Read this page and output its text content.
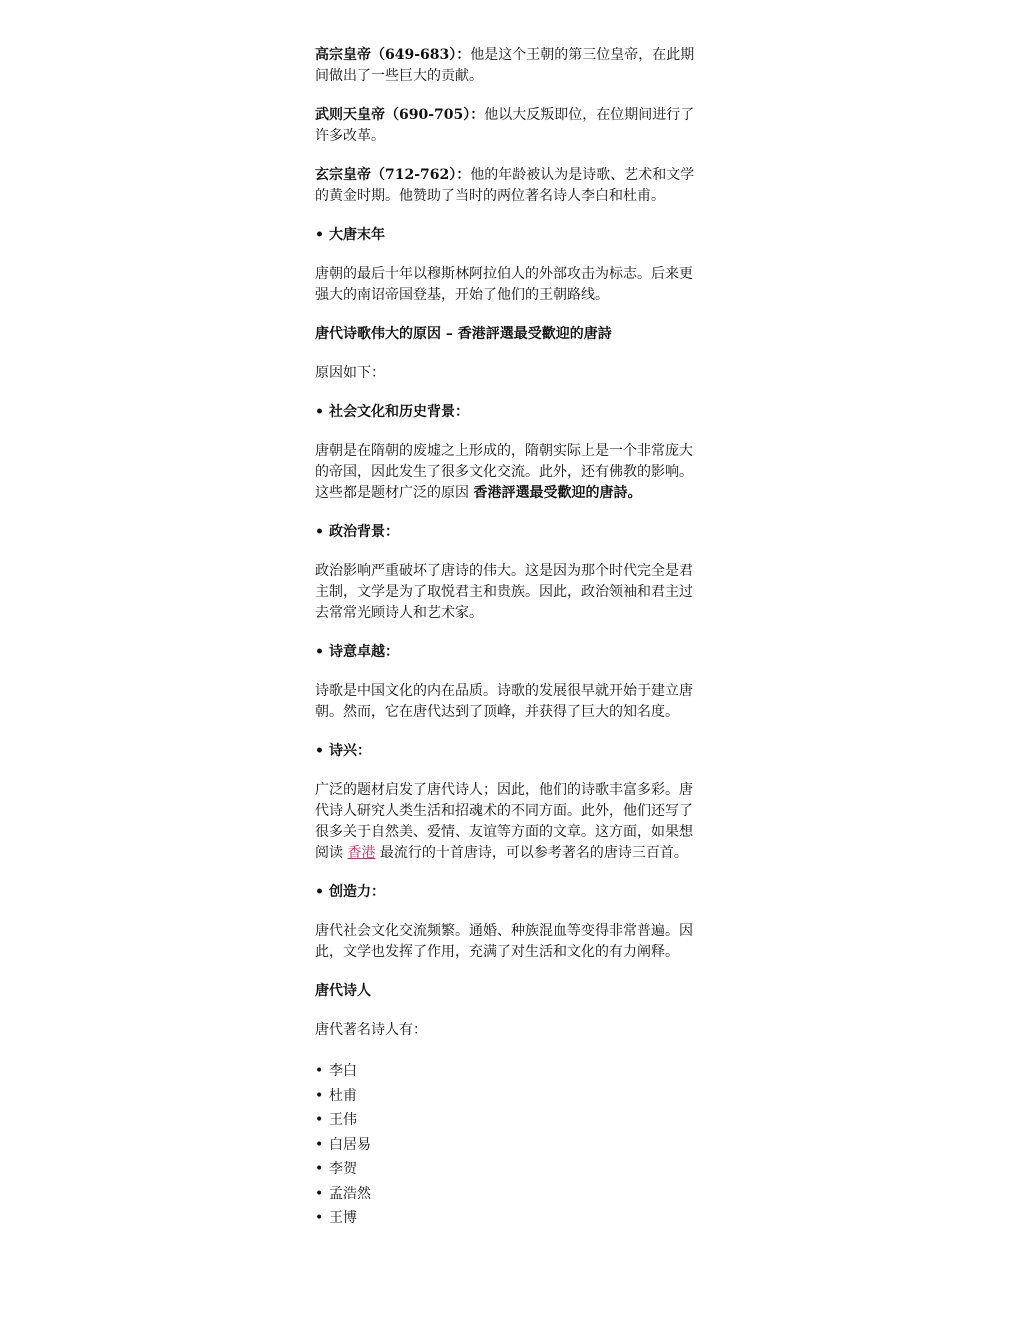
高宗皇帝（649-683）：他是这个王朝的第三位皇帝，在此期间做出了一些巨大的贡献。

武则天皇帝（690-705）：他以大反叛即位，在位期间进行了许多改革。

玄宗皇帝（712-762）：他的年龄被认为是诗歌、艺术和文学的黄金时期。他赞助了当时的两位著名诗人李白和杜甫。

• 大唐末年

唐朝的最后十年以穆斯林阿拉伯人的外部攻击为标志。后来更强大的南诏帝国登基，开始了他们的王朝路线。

唐代诗歌伟大的原因 – 香港評選最受歡迎的唐詩

原因如下：

• 社会文化和历史背景：

唐朝是在隋朝的废墟之上形成的，隋朝实际上是一个非常庞大的帝国，因此发生了很多文化交流。此外，还有佛教的影响。这些都是题材广泛的原因 香港評選最受歡迎的唐詩。

• 政治背景：

政治影响严重破坏了唐诗的伟大。这是因为那个时代完全是君主制，文学是为了取悦君主和贵族。因此，政治领袖和君主过去常常光顾诗人和艺术家。

• 诗意卓越：

诗歌是中国文化的内在品质。诗歌的发展很早就开始于建立唐朝。然而，它在唐代达到了顶峰，并获得了巨大的知名度。

• 诗兴：

广泛的题材启发了唐代诗人；因此，他们的诗歌丰富多彩。唐代诗人研究人类生活和招魂术的不同方面。此外，他们还写了很多关于自然美、爱情、友谊等方面的文章。这方面，如果想阅读 香港 最流行的十首唐诗，可以参考著名的唐诗三百首。

• 创造力：

唐代社会文化交流频繁。通婚、种族混血等变得非常普遍。因此，文学也发挥了作用，充满了对生活和文化的有力阐释。

唐代诗人

唐代著名诗人有：

• 李白
• 杜甫
• 王伟
• 白居易
• 李贺
• 孟浩然
• 王博
